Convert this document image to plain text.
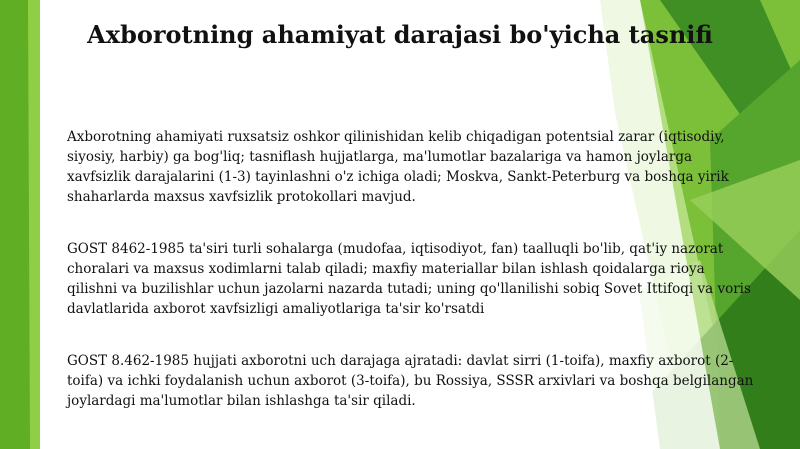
Axborotning ahamiyat darajasi bo'yicha tasnifi

Axborotning ahamiyati ruxsatsiz oshkor qilinishidan kelib chiqadigan potentsial zarar (iqtisodiy, siyosiy, harbiy) ga bog'liq; tasniflash hujjatlarga, ma'lumotlar bazalariga va hamon joylarga xavfsizlik darajalarini (1-3) tayinlashni o'z ichiga oladi; Moskva, Sankt-Peterburg va boshqa yirik shaharlarda maxsus xavfsizlik protokollari mavjud.

GOST 8462-1985 ta'siri turli sohalarga (mudofaa, iqtisodiyot, fan) taalluqli bo'lib, qat'iy nazorat choralari va maxsus xodimlarni talab qiladi; maxfiy materiallar bilan ishlash qoidalarga rioya qilishni va buzilishlar uchun jazolarni nazarda tutadi; uning qo'llanilishi sobiq Sovet Ittifoqi va voris davlatlarida axborot xavfsizligi amaliyotlariga ta'sir ko'rsatdi

GOST 8.462-1985 hujjati axborotni uch darajaga ajratadi: davlat sirri (1-toifa), maxfiy axborot (2-toifa) va ichki foydalanish uchun axborot (3-toifa), bu Rossiya, SSSR arxivlari va boshqa belgilangan joylardagi ma'lumotlar bilan ishlashga ta'sir qiladi.
